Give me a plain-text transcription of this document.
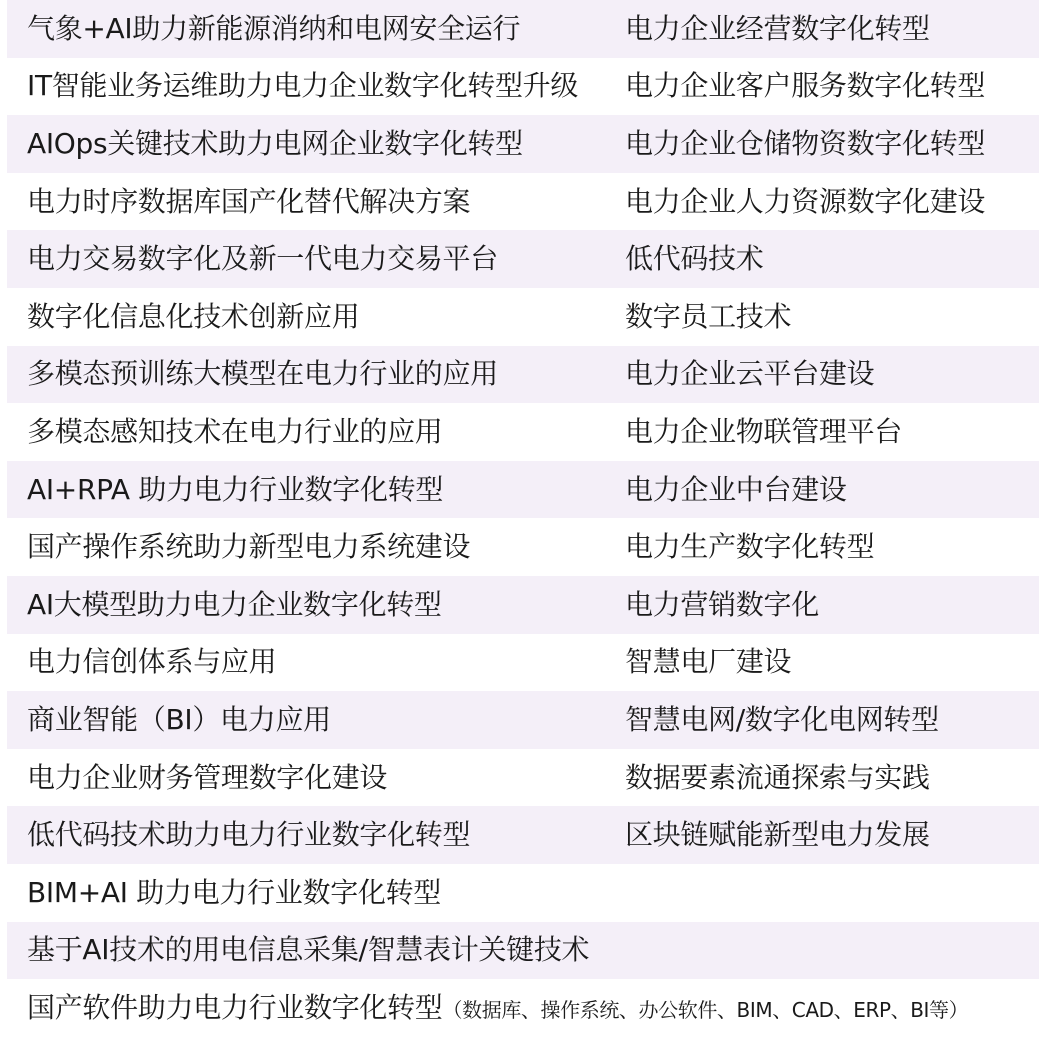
气象+AI助力新能源消纳和电网安全运行	电力企业经营数字化转型
IT智能业务运维助力电力企业数字化转型升级	电力企业客户服务数字化转型
AIOps关键技术助力电网企业数字化转型	电力企业仓储物资数字化转型
电力时序数据库国产化替代解决方案	电力企业人力资源数字化建设
电力交易数字化及新一代电力交易平台	低代码技术
数字化信息化技术创新应用	数字员工技术
多模态预训练大模型在电力行业的应用	电力企业云平台建设
多模态感知技术在电力行业的应用	电力企业物联管理平台
AI+RPA 助力电力行业数字化转型	电力企业中台建设
国产操作系统助力新型电力系统建设	电力生产数字化转型
AI大模型助力电力企业数字化转型	电力营销数字化
电力信创体系与应用	智慧电厂建设
商业智能（BI）电力应用	智慧电网/数字化电网转型
电力企业财务管理数字化建设	数据要素流通探索与实践
低代码技术助力电力行业数字化转型	区块链赋能新型电力发展
BIM+AI 助力电力行业数字化转型
基于AI技术的用电信息采集/智慧表计关键技术
国产软件助力电力行业数字化转型（数据库、操作系统、办公软件、BIM、CAD、ERP、BI等）
